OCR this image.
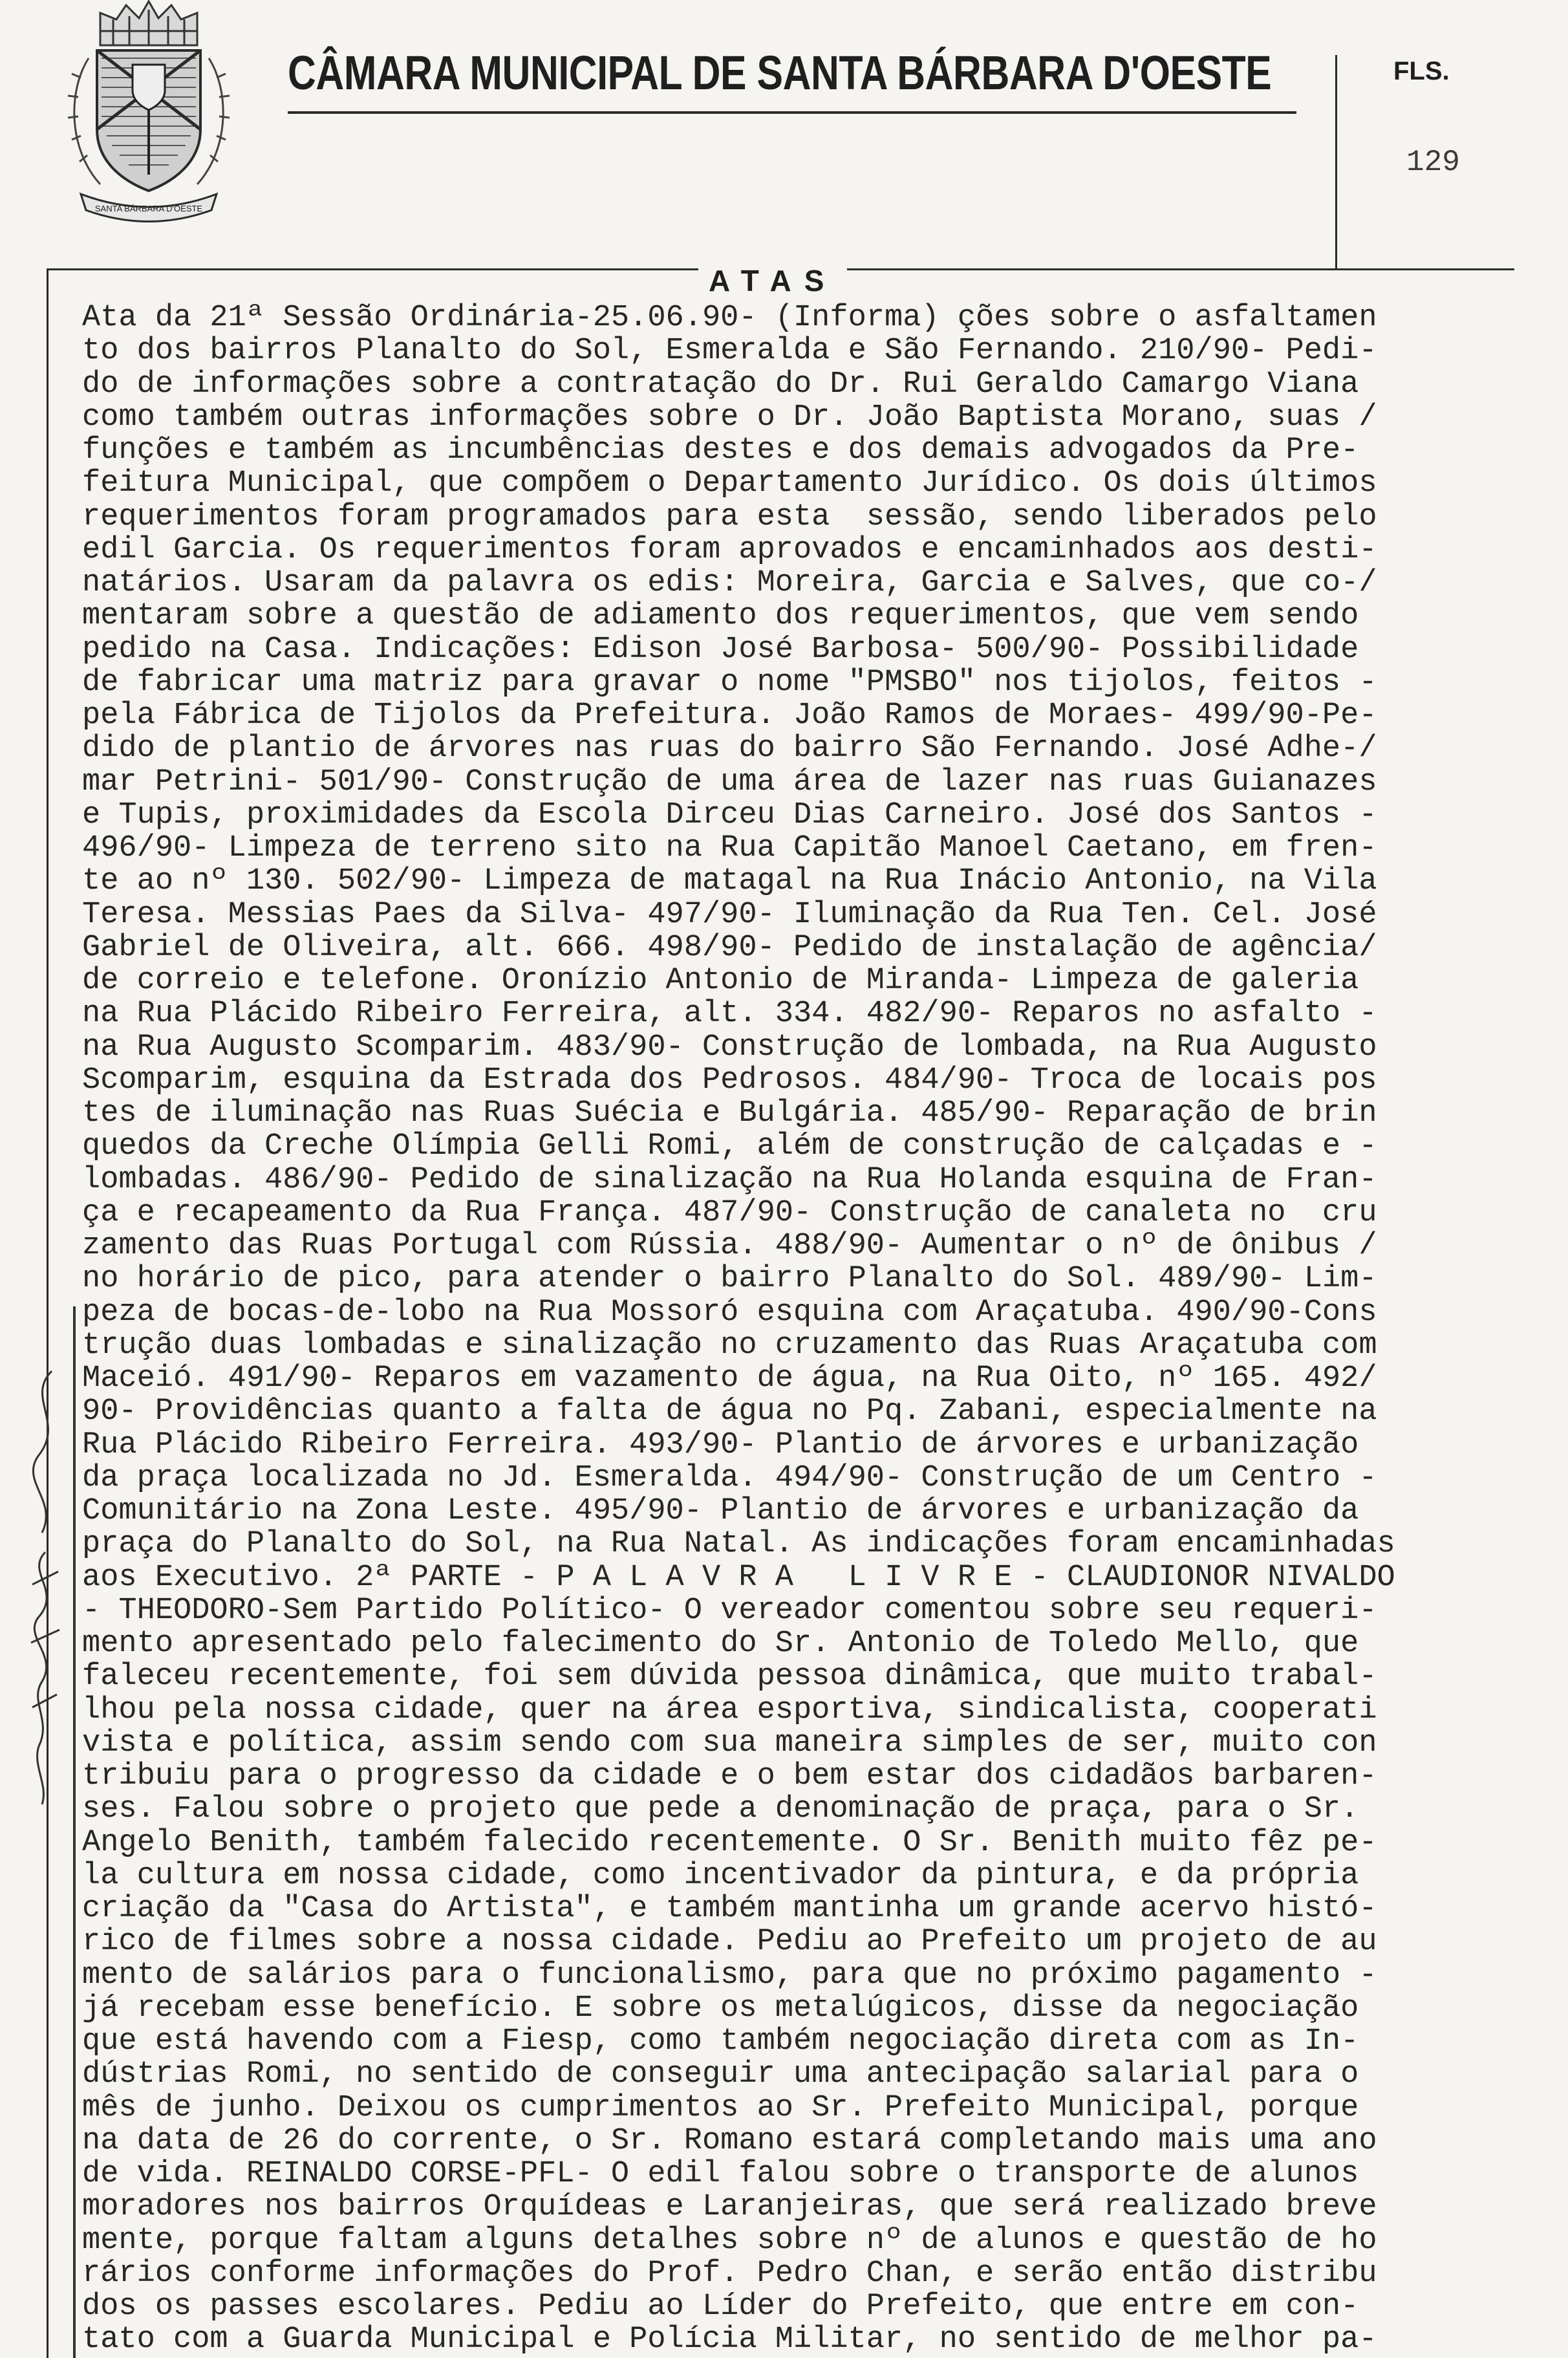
SANTA BÁRBARA D'OESTE
CÂMARA MUNICIPAL DE SANTA BÁRBARA D'OESTE	FLS.
129
ATAS
Ata da 21ª Sessão Ordinária-25.06.90- (Informa) ções sobre o asfaltamen
to dos bairros Planalto do Sol, Esmeralda e São Fernando. 210/90- Pedi-
do de informações sobre a contratação do Dr. Rui Geraldo Camargo Viana
como também outras informações sobre o Dr. João Baptista Morano, suas /
funções e também as incumbências destes e dos demais advogados da Pre-
feitura Municipal, que compõem o Departamento Jurídico. Os dois últimos
requerimentos foram programados para esta  sessão, sendo liberados pelo
edil Garcia. Os requerimentos foram aprovados e encaminhados aos desti-
natários. Usaram da palavra os edis: Moreira, Garcia e Salves, que co-/
mentaram sobre a questão de adiamento dos requerimentos, que vem sendo
pedido na Casa. Indicações: Edison José Barbosa- 500/90- Possibilidade
de fabricar uma matriz para gravar o nome "PMSBO" nos tijolos, feitos -
pela Fábrica de Tijolos da Prefeitura. João Ramos de Moraes- 499/90-Pe-
dido de plantio de árvores nas ruas do bairro São Fernando. José Adhe-/
mar Petrini- 501/90- Construção de uma área de lazer nas ruas Guianazes
e Tupis, proximidades da Escola Dirceu Dias Carneiro. José dos Santos -
496/90- Limpeza de terreno sito na Rua Capitão Manoel Caetano, em fren-
te ao nº 130. 502/90- Limpeza de matagal na Rua Inácio Antonio, na Vila
Teresa. Messias Paes da Silva- 497/90- Iluminação da Rua Ten. Cel. José
Gabriel de Oliveira, alt. 666. 498/90- Pedido de instalação de agência/
de correio e telefone. Oronízio Antonio de Miranda- Limpeza de galeria
na Rua Plácido Ribeiro Ferreira, alt. 334. 482/90- Reparos no asfalto -
na Rua Augusto Scomparim. 483/90- Construção de lombada, na Rua Augusto
Scomparim, esquina da Estrada dos Pedrosos. 484/90- Troca de locais pos
tes de iluminação nas Ruas Suécia e Bulgária. 485/90- Reparação de brin
quedos da Creche Olímpia Gelli Romi, além de construção de calçadas e -
lombadas. 486/90- Pedido de sinalização na Rua Holanda esquina de Fran-
ça e recapeamento da Rua França. 487/90- Construção de canaleta no  cru
zamento das Ruas Portugal com Rússia. 488/90- Aumentar o nº de ônibus /
no horário de pico, para atender o bairro Planalto do Sol. 489/90- Lim-
peza de bocas-de-lobo na Rua Mossoró esquina com Araçatuba. 490/90-Cons
trução duas lombadas e sinalização no cruzamento das Ruas Araçatuba com
Maceió. 491/90- Reparos em vazamento de água, na Rua Oito, nº 165. 492/
90- Providências quanto a falta de água no Pq. Zabani, especialmente na
Rua Plácido Ribeiro Ferreira. 493/90- Plantio de árvores e urbanização
da praça localizada no Jd. Esmeralda. 494/90- Construção de um Centro -
Comunitário na Zona Leste. 495/90- Plantio de árvores e urbanização da
praça do Planalto do Sol, na Rua Natal. As indicações foram encaminhadas
aos Executivo. 2ª PARTE - P A L A V R A   L I V R E - CLAUDIONOR NIVALDO
- THEODORO-Sem Partido Político- O vereador comentou sobre seu requeri-
mento apresentado pelo falecimento do Sr. Antonio de Toledo Mello, que
faleceu recentemente, foi sem dúvida pessoa dinâmica, que muito trabal-
lhou pela nossa cidade, quer na área esportiva, sindicalista, cooperati
vista e política, assim sendo com sua maneira simples de ser, muito con
tribuiu para o progresso da cidade e o bem estar dos cidadãos barbaren-
ses. Falou sobre o projeto que pede a denominação de praça, para o Sr.
Angelo Benith, também falecido recentemente. O Sr. Benith muito fêz pe-
la cultura em nossa cidade, como incentivador da pintura, e da própria
criação da "Casa do Artista", e também mantinha um grande acervo histó-
rico de filmes sobre a nossa cidade. Pediu ao Prefeito um projeto de au
mento de salários para o funcionalismo, para que no próximo pagamento -
já recebam esse benefício. E sobre os metalúgicos, disse da negociação
que está havendo com a Fiesp, como também negociação direta com as In-
dústrias Romi, no sentido de conseguir uma antecipação salarial para o
mês de junho. Deixou os cumprimentos ao Sr. Prefeito Municipal, porque
na data de 26 do corrente, o Sr. Romano estará completando mais uma ano
de vida. REINALDO CORSE-PFL- O edil falou sobre o transporte de alunos
moradores nos bairros Orquídeas e Laranjeiras, que será realizado breve
mente, porque faltam alguns detalhes sobre nº de alunos e questão de ho
rários conforme informações do Prof. Pedro Chan, e serão então distribu
dos os passes escolares. Pediu ao Líder do Prefeito, que entre em con-
tato com a Guarda Municipal e Polícia Militar, no sentido de melhor pa-
